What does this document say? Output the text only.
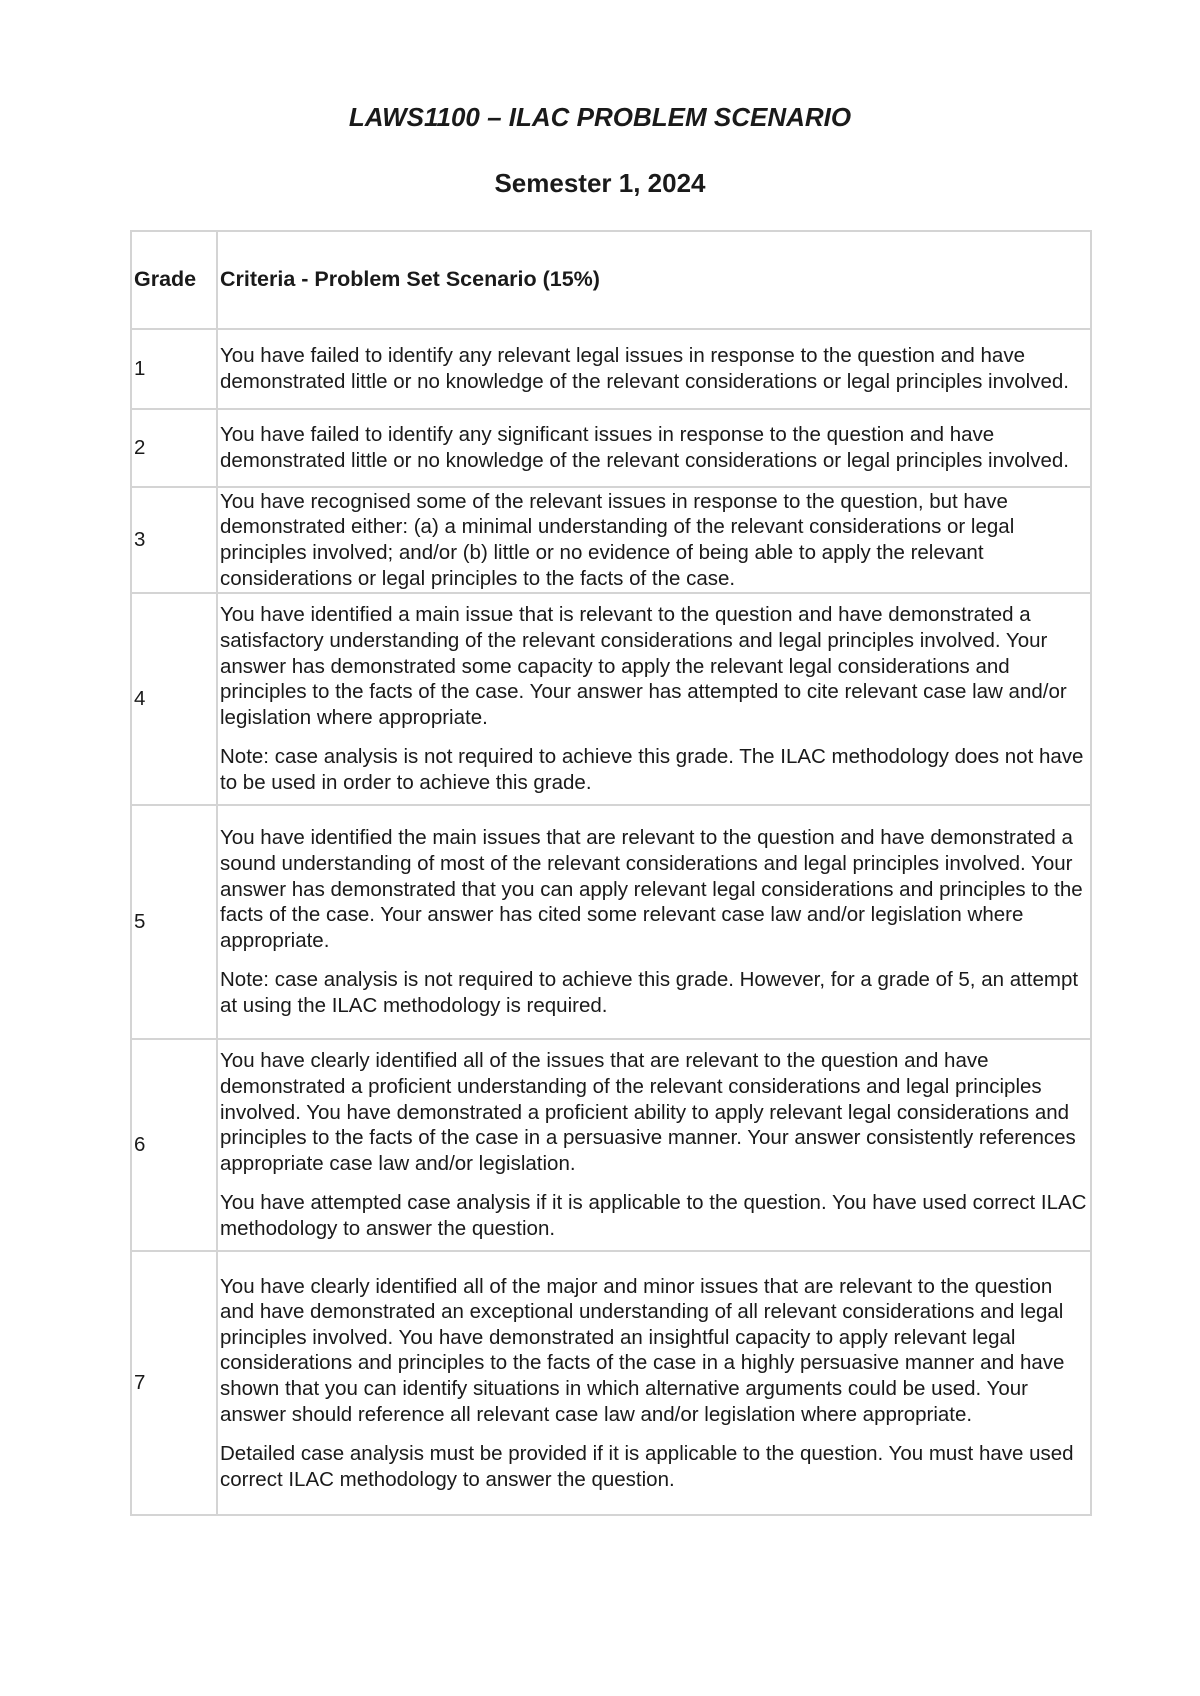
LAWS1100 – ILAC PROBLEM SCENARIO
Semester 1, 2024
Grade	Criteria - Problem Set Scenario (15%)
1	You have failed to identify any relevant legal issues in response to the question and have demonstrated little or no knowledge of the relevant considerations or legal principles involved.

2	You have failed to identify any significant issues in response to the question and have demonstrated little or no knowledge of the relevant considerations or legal principles involved.

3	You have recognised some of the relevant issues in response to the question, but have demonstrated either: (a) a minimal understanding of the relevant considerations or legal principles involved; and/or (b) little or no evidence of being able to apply the relevant considerations or legal principles to the facts of the case.

4	You have identified a main issue that is relevant to the question and have demonstrated a satisfactory understanding of the relevant considerations and legal principles involved. Your answer has demonstrated some capacity to apply the relevant legal considerations and principles to the facts of the case. Your answer has attempted to cite relevant case law and/or legislation where appropriate.

Note: case analysis is not required to achieve this grade. The ILAC methodology does not have to be used in order to achieve this grade.

5	You have identified the main issues that are relevant to the question and have demonstrated a sound understanding of most of the relevant considerations and legal principles involved. Your answer has demonstrated that you can apply relevant legal considerations and principles to the facts of the case. Your answer has cited some relevant case law and/or legislation where appropriate.

Note: case analysis is not required to achieve this grade. However, for a grade of 5, an attempt at using the ILAC methodology is required.

6	You have clearly identified all of the issues that are relevant to the question and have demonstrated a proficient understanding of the relevant considerations and legal principles involved. You have demonstrated a proficient ability to apply relevant legal considerations and principles to the facts of the case in a persuasive manner. Your answer consistently references appropriate case law and/or legislation.

You have attempted case analysis if it is applicable to the question. You have used correct ILAC methodology to answer the question.

7	You have clearly identified all of the major and minor issues that are relevant to the question and have demonstrated an exceptional understanding of all relevant considerations and legal principles involved. You have demonstrated an insightful capacity to apply relevant legal considerations and principles to the facts of the case in a highly persuasive manner and have shown that you can identify situations in which alternative arguments could be used. Your answer should reference all relevant case law and/or legislation where appropriate.

Detailed case analysis must be provided if it is applicable to the question. You must have used correct ILAC methodology to answer the question.
